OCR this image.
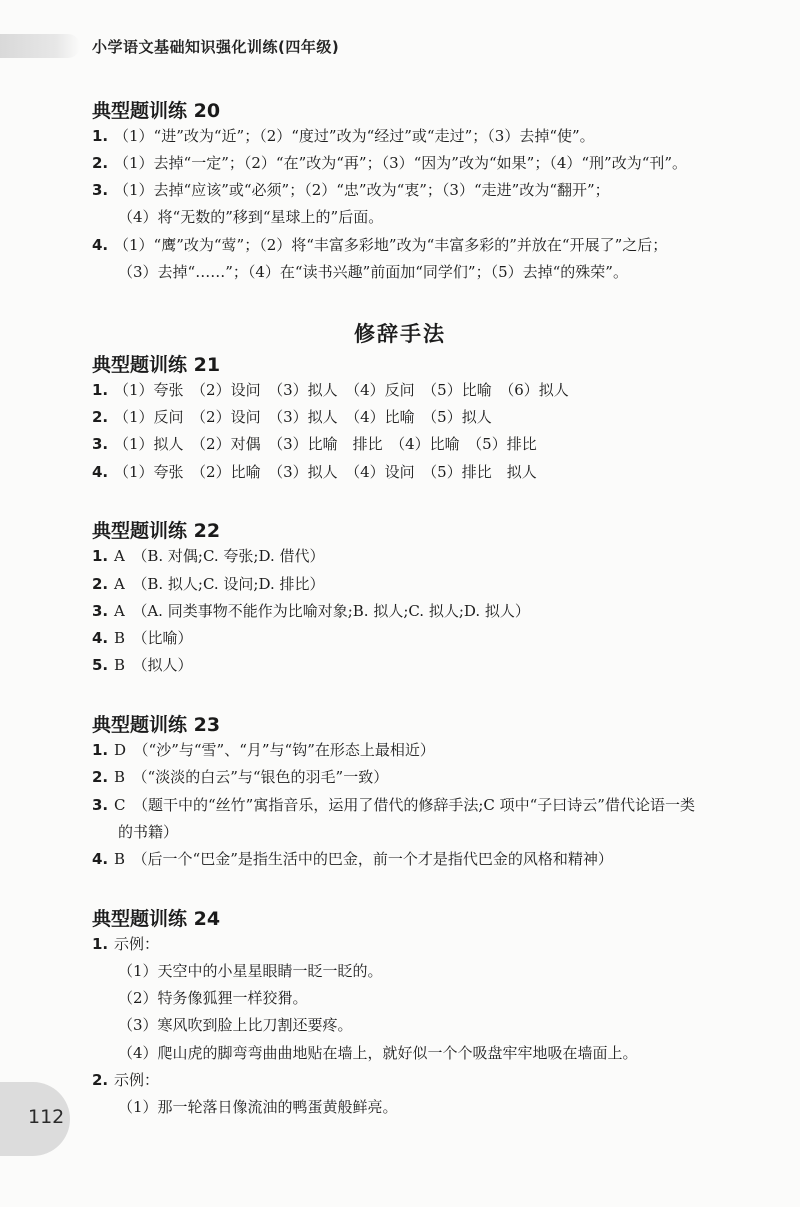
小学语文基础知识强化训练(四年级)
典型题训练 20
1. （1）“进”改为“近”；（2）“度过”改为“经过”或“走过”；（3）去掉“使”。
2. （1）去掉“一定”；（2）“在”改为“再”；（3）“因为”改为“如果”；（4）“刑”改为“刊”。
3. （1）去掉“应该”或“必须”；（2）“忠”改为“衷”；（3）“走进”改为“翻开”；
（4）将“无数的”移到“星球上的”后面。
4. （1）“鹰”改为“莺”；（2）将“丰富多彩地”改为“丰富多彩的”并放在“开展了”之后；
（3）去掉“……”；（4）在“读书兴趣”前面加“同学们”；（5）去掉“的殊荣”。
修辞手法
典型题训练 21
1. （1）夸张　（2）设问　（3）拟人　（4）反问　（5）比喻　（6）拟人
2. （1）反问　（2）设问　（3）拟人　（4）比喻　（5）拟人
3. （1）拟人　（2）对偶　（3）比喻　排比　（4）比喻　（5）排比
4. （1）夸张　（2）比喻　（3）拟人　（4）设问　（5）排比　拟人
典型题训练 22
1. A　（B. 对偶;C. 夸张;D. 借代）
2. A　（B. 拟人;C. 设问;D. 排比）
3. A　（A. 同类事物不能作为比喻对象;B. 拟人;C. 拟人;D. 拟人）
4. B　（比喻）
5. B　（拟人）
典型题训练 23
1. D　（“沙”与“雪”、“月”与“钩”在形态上最相近）
2. B　（“淡淡的白云”与“银色的羽毛”一致）
3. C　（题干中的“丝竹”寓指音乐，运用了借代的修辞手法;C 项中“子曰诗云”借代论语一类
的书籍）
4. B　（后一个“巴金”是指生活中的巴金，前一个才是指代巴金的风格和精神）
典型题训练 24
1. 示例：
（1）天空中的小星星眼睛一眨一眨的。
（2）特务像狐狸一样狡猾。
（3）寒风吹到脸上比刀割还要疼。
（4）爬山虎的脚弯弯曲曲地贴在墙上，就好似一个个吸盘牢牢地吸在墙面上。
2. 示例：
（1）那一轮落日像流油的鸭蛋黄般鲜亮。
112
